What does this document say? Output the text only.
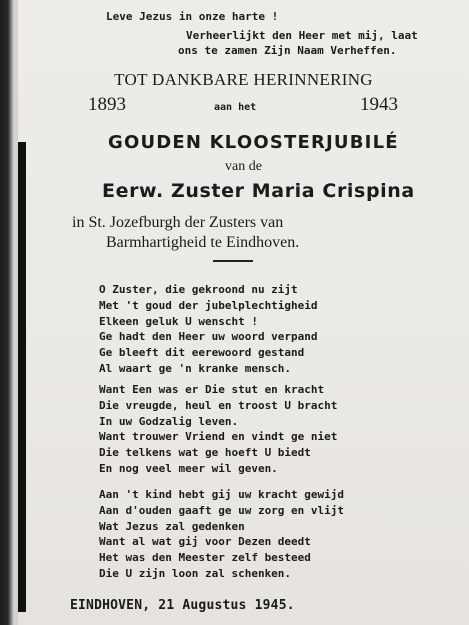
Leve Jezus in onze harte !
Verheerlijkt den Heer met mij, laat
ons te zamen Zijn Naam Verheffen.
TOT DANKBARE HERINNERING
1893	aan het	1943
GOUDEN KLOOSTERJUBILÉ
van de
Eerw. Zuster Maria Crispina
in St. Jozefburgh der Zusters van
Barmhartigheid te Eindhoven.
O Zuster, die gekroond nu zijt
Met 't goud der jubelplechtigheid
Elkeen geluk U wenscht !
Ge hadt den Heer uw woord verpand
Ge bleeft dit eerewoord gestand
Al waart ge 'n kranke mensch.
Want Een was er Die stut en kracht
Die vreugde, heul en troost U bracht
In uw Godzalig leven.
Want trouwer Vriend en vindt ge niet
Die telkens wat ge hoeft U biedt
En nog veel meer wil geven.
Aan 't kind hebt gij uw kracht gewijd
Aan d'ouden gaaft ge uw zorg en vlijt
Wat Jezus zal gedenken
Want al wat gij voor Dezen deedt
Het was den Meester zelf besteed
Die U zijn loon zal schenken.
EINDHOVEN, 21 Augustus 1945.
